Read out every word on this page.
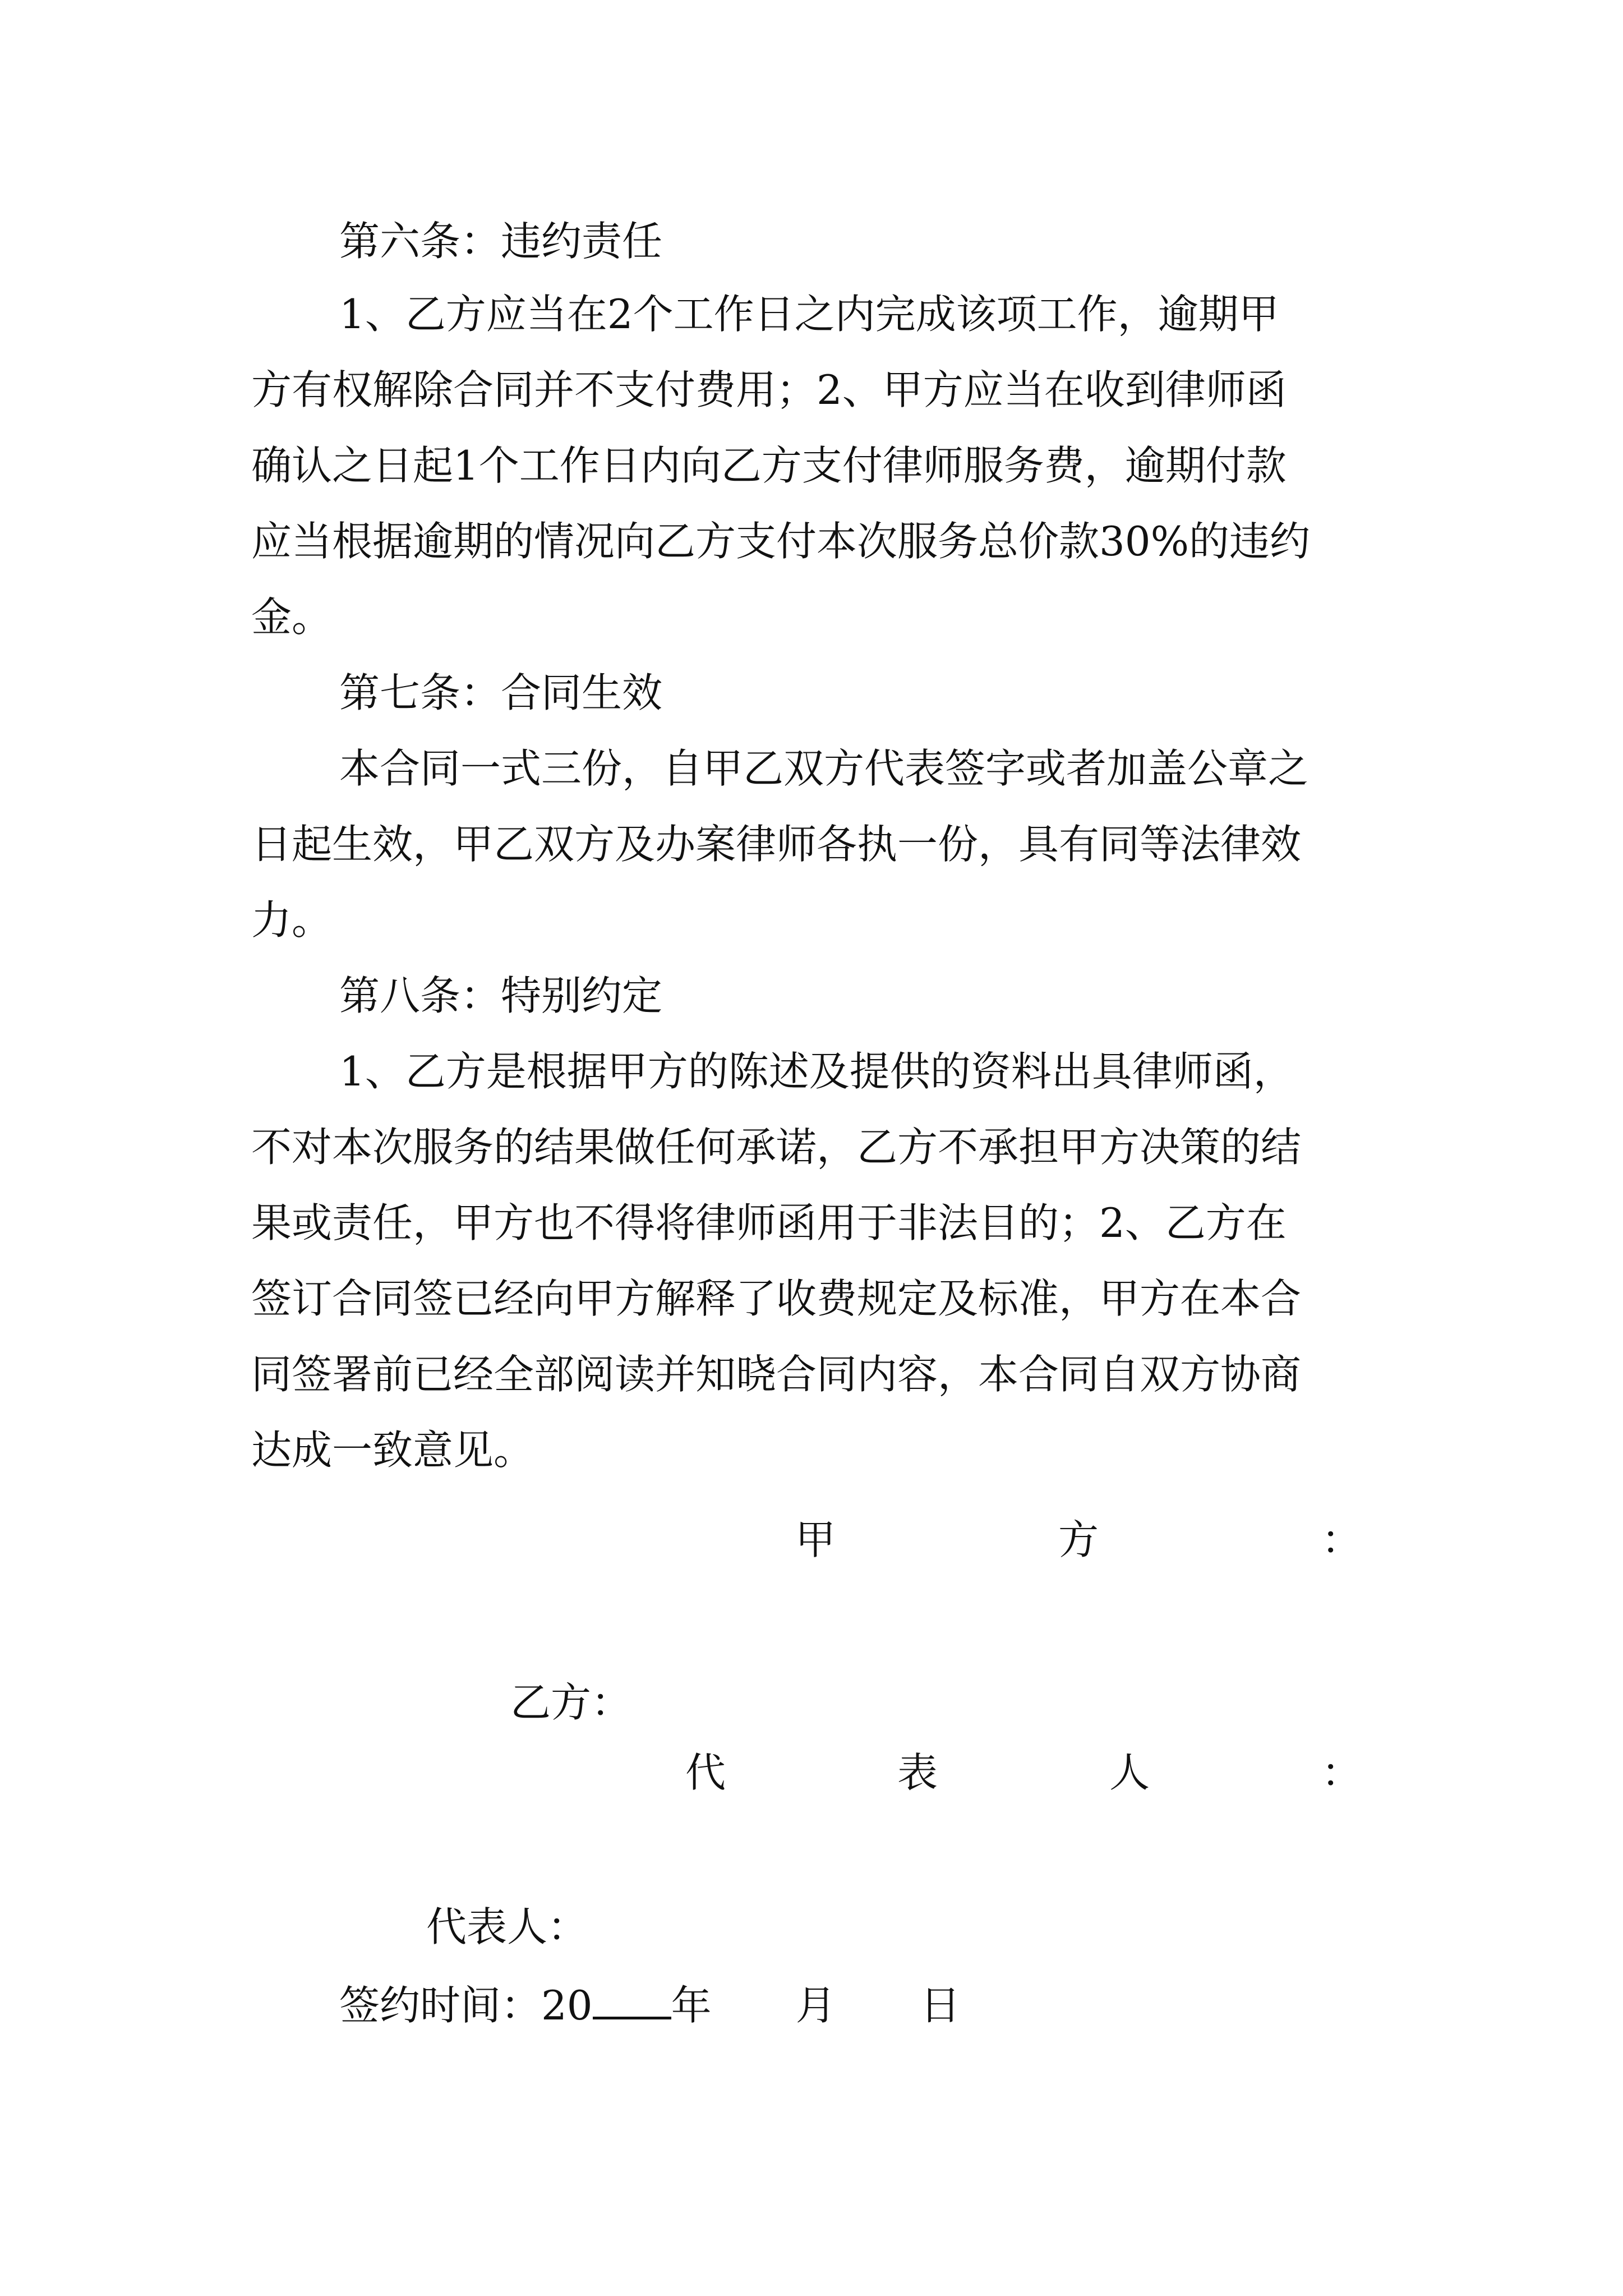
第六条：违约责任
1、乙方应当在2个工作日之内完成该项工作，逾期甲
方有权解除合同并不支付费用；2、甲方应当在收到律师函
确认之日起1个工作日内向乙方支付律师服务费，逾期付款
应当根据逾期的情况向乙方支付本次服务总价款30%的违约
金。
第七条：合同生效
本合同一式三份，自甲乙双方代表签字或者加盖公章之
日起生效，甲乙双方及办案律师各执一份，具有同等法律效
力。
第八条：特别约定
1、乙方是根据甲方的陈述及提供的资料出具律师函，
不对本次服务的结果做任何承诺，乙方不承担甲方决策的结
果或责任，甲方也不得将律师函用于非法目的；2、乙方在
签订合同签已经向甲方解释了收费规定及标准，甲方在本合
同签署前已经全部阅读并知晓合同内容，本合同自双方协商
达成一致意见。
甲	方	：
乙方：
代	表	人	：
代表人：
签约时间：20 年 月 日
